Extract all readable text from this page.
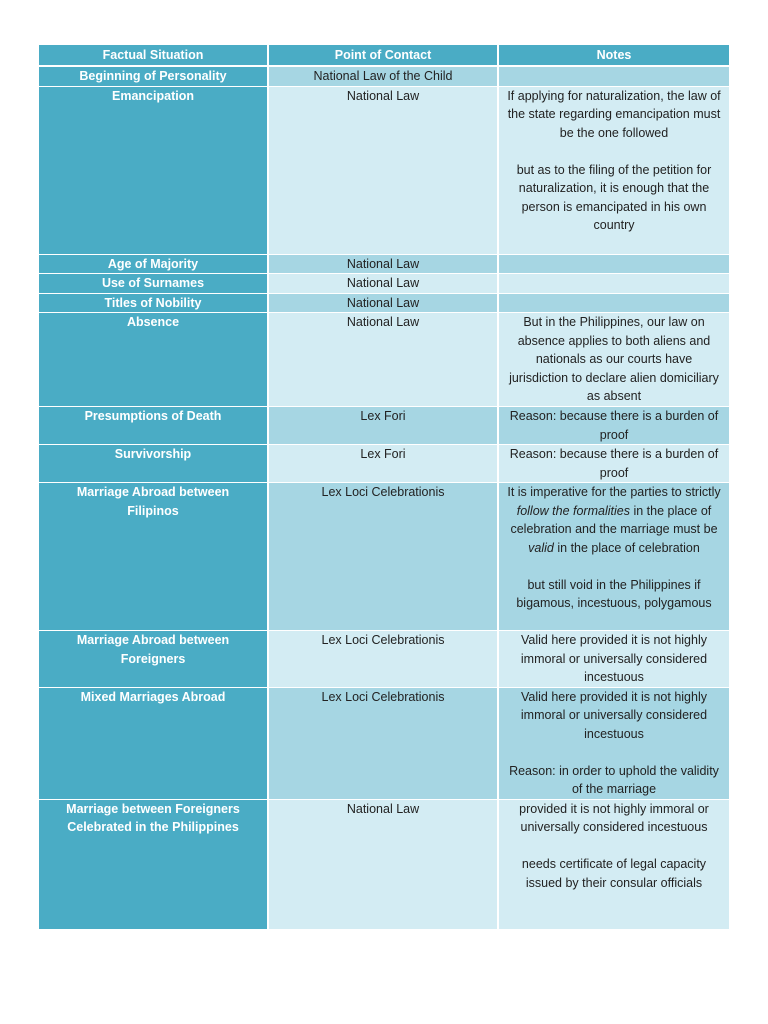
Factual Situation	Point of Contact	Notes

Beginning of Personality	National Law of the Child	

Emancipation	National Law	If applying for naturalization, the law of the state regarding emancipation must be the one followed
but as to the filing of the petition for naturalization, it is enough that the person is emancipated in his own country

Age of Majority	National Law	

Use of Surnames	National Law	

Titles of Nobility	National Law	

Absence	National Law	But in the Philippines, our law on absence applies to both aliens and nationals as our courts have jurisdiction to declare alien domiciliary as absent

Presumptions of Death	Lex Fori	Reason: because there is a burden of proof

Survivorship	Lex Fori	Reason: because there is a burden of proof

Marriage Abroad between
Filipinos	Lex Loci Celebrationis	It is imperative for the parties to strictly follow the formalities in the place of celebration and the marriage must be valid in the place of celebration
but still void in the Philippines if bigamous, incestuous, polygamous

Marriage Abroad between
Foreigners	Lex Loci Celebrationis	Valid here provided it is not highly immoral or universally considered incestuous

Mixed Marriages Abroad	Lex Loci Celebrationis	Valid here provided it is not highly immoral or universally considered incestuous
Reason: in order to uphold the validity of the marriage

Marriage between Foreigners
Celebrated in the Philippines	National Law	provided it is not highly immoral or universally considered incestuous
needs certificate of legal capacity issued by their consular officials
